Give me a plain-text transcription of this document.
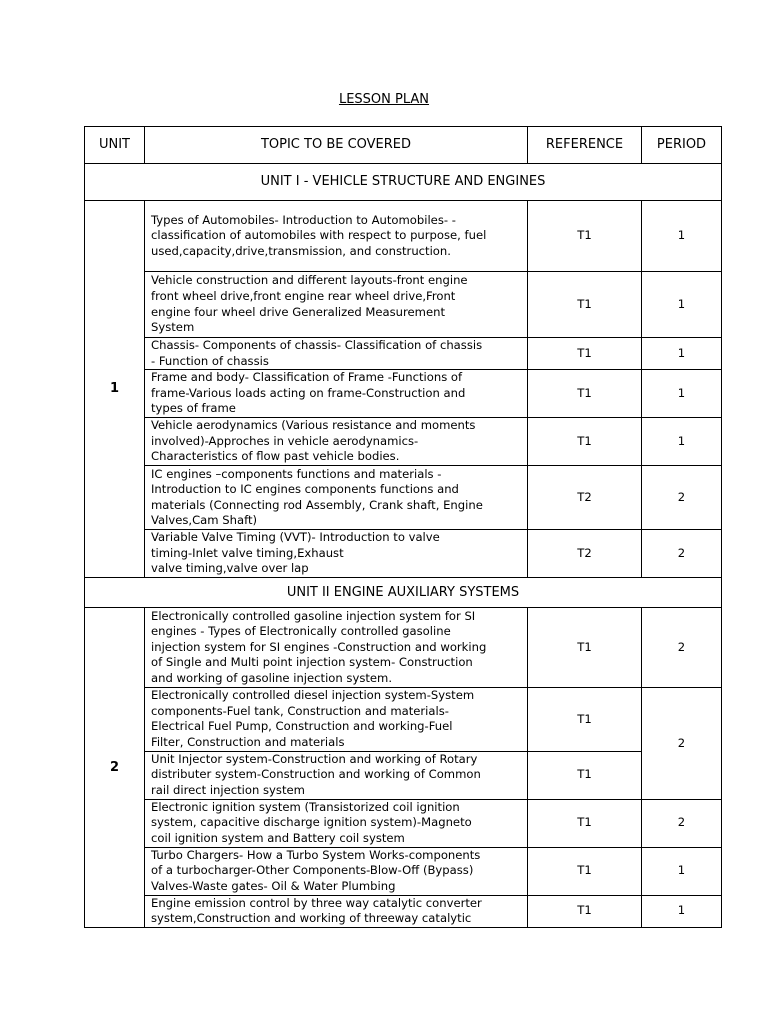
LESSON PLAN
UNIT	TOPIC TO BE COVERED	REFERENCE	PERIOD
UNIT I - VEHICLE STRUCTURE AND ENGINES			
1	Types of Automobiles- Introduction to Automobiles- -
classification of automobiles with respect to purpose, fuel
used,capacity,drive,transmission, and construction.	T1	1
	Vehicle construction and different layouts-front engine
front wheel drive,front engine rear wheel drive,Front
engine four wheel drive Generalized Measurement
System	T1	1
	Chassis- Components of chassis- Classification of chassis
- Function of chassis	T1	1
	Frame and body- Classification of Frame -Functions of
frame-Various loads acting on frame-Construction and
types of frame	T1	1
	Vehicle aerodynamics (Various resistance and moments
involved)-Approches in vehicle aerodynamics-
Characteristics of flow past vehicle bodies.	T1	1
	IC engines –components functions and materials -
Introduction to IC engines components functions and
materials (Connecting rod Assembly, Crank shaft, Engine
Valves,Cam Shaft)	T2	2
	Variable Valve Timing (VVT)- Introduction to valve
timing-Inlet valve timing,Exhaust
valve timing,valve over lap	T2	2
UNIT II ENGINE AUXILIARY SYSTEMS			
2	Electronically controlled gasoline injection system for SI
engines - Types of Electronically controlled gasoline
injection system for SI engines -Construction and working
of Single and Multi point injection system- Construction
and working of gasoline injection system.	T1	2
	Electronically controlled diesel injection system-System
components-Fuel tank, Construction and materials-
Electrical Fuel Pump, Construction and working-Fuel
Filter, Construction and materials	T1	2
	Unit Injector system-Construction and working of Rotary
distributer system-Construction and working of Common
rail direct injection system	T1	
	Electronic ignition system (Transistorized coil ignition
system, capacitive discharge ignition system)-Magneto
coil ignition system and Battery coil system	T1	2
	Turbo Chargers- How a Turbo System Works-components
of a turbocharger-Other Components-Blow-Off (Bypass)
Valves-Waste gates- Oil & Water Plumbing	T1	1
	Engine emission control by three way catalytic converter
system,Construction and working of threeway catalytic	T1	1
